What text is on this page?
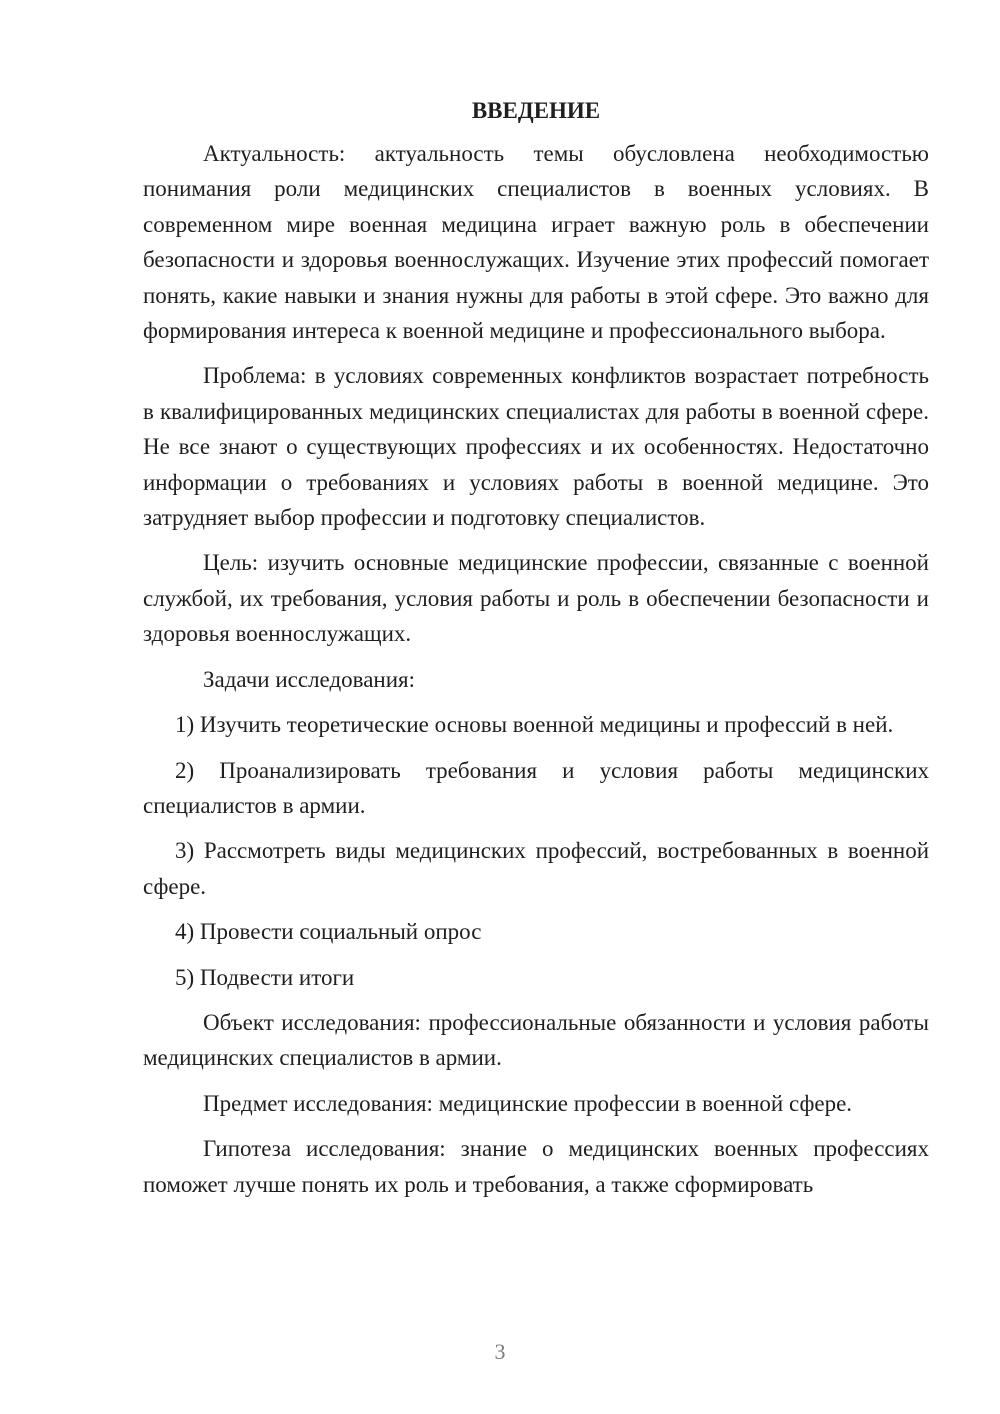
ВВЕДЕНИЕ

Актуальность: актуальность темы обусловлена необходимостью понимания роли медицинских специалистов в военных условиях. В современном мире военная медицина играет важную роль в обеспечении безопасности и здоровья военнослужащих. Изучение этих профессий помогает понять, какие навыки и знания нужны для работы в этой сфере. Это важно для формирования интереса к военной медицине и профессионального выбора.

Проблема: в условиях современных конфликтов возрастает потребность в квалифицированных медицинских специалистах для работы в военной сфере. Не все знают о существующих профессиях и их особенностях. Недостаточно информации о требованиях и условиях работы в военной медицине. Это затрудняет выбор профессии и подготовку специалистов.

Цель: изучить основные медицинские профессии, связанные с военной службой, их требования, условия работы и роль в обеспечении безопасности и здоровья военнослужащих.

Задачи исследования:

1) Изучить теоретические основы военной медицины и профессий в ней.

2) Проанализировать требования и условия работы медицинских специалистов в армии.

3) Рассмотреть виды медицинских профессий, востребованных в военной сфере.

4) Провести социальный опрос

5) Подвести итоги

Объект исследования: профессиональные обязанности и условия работы медицинских специалистов в армии.

Предмет исследования: медицинские профессии в военной сфере.

Гипотеза исследования: знание о медицинских военных профессиях поможет лучше понять их роль и требования, а также сформировать

3
